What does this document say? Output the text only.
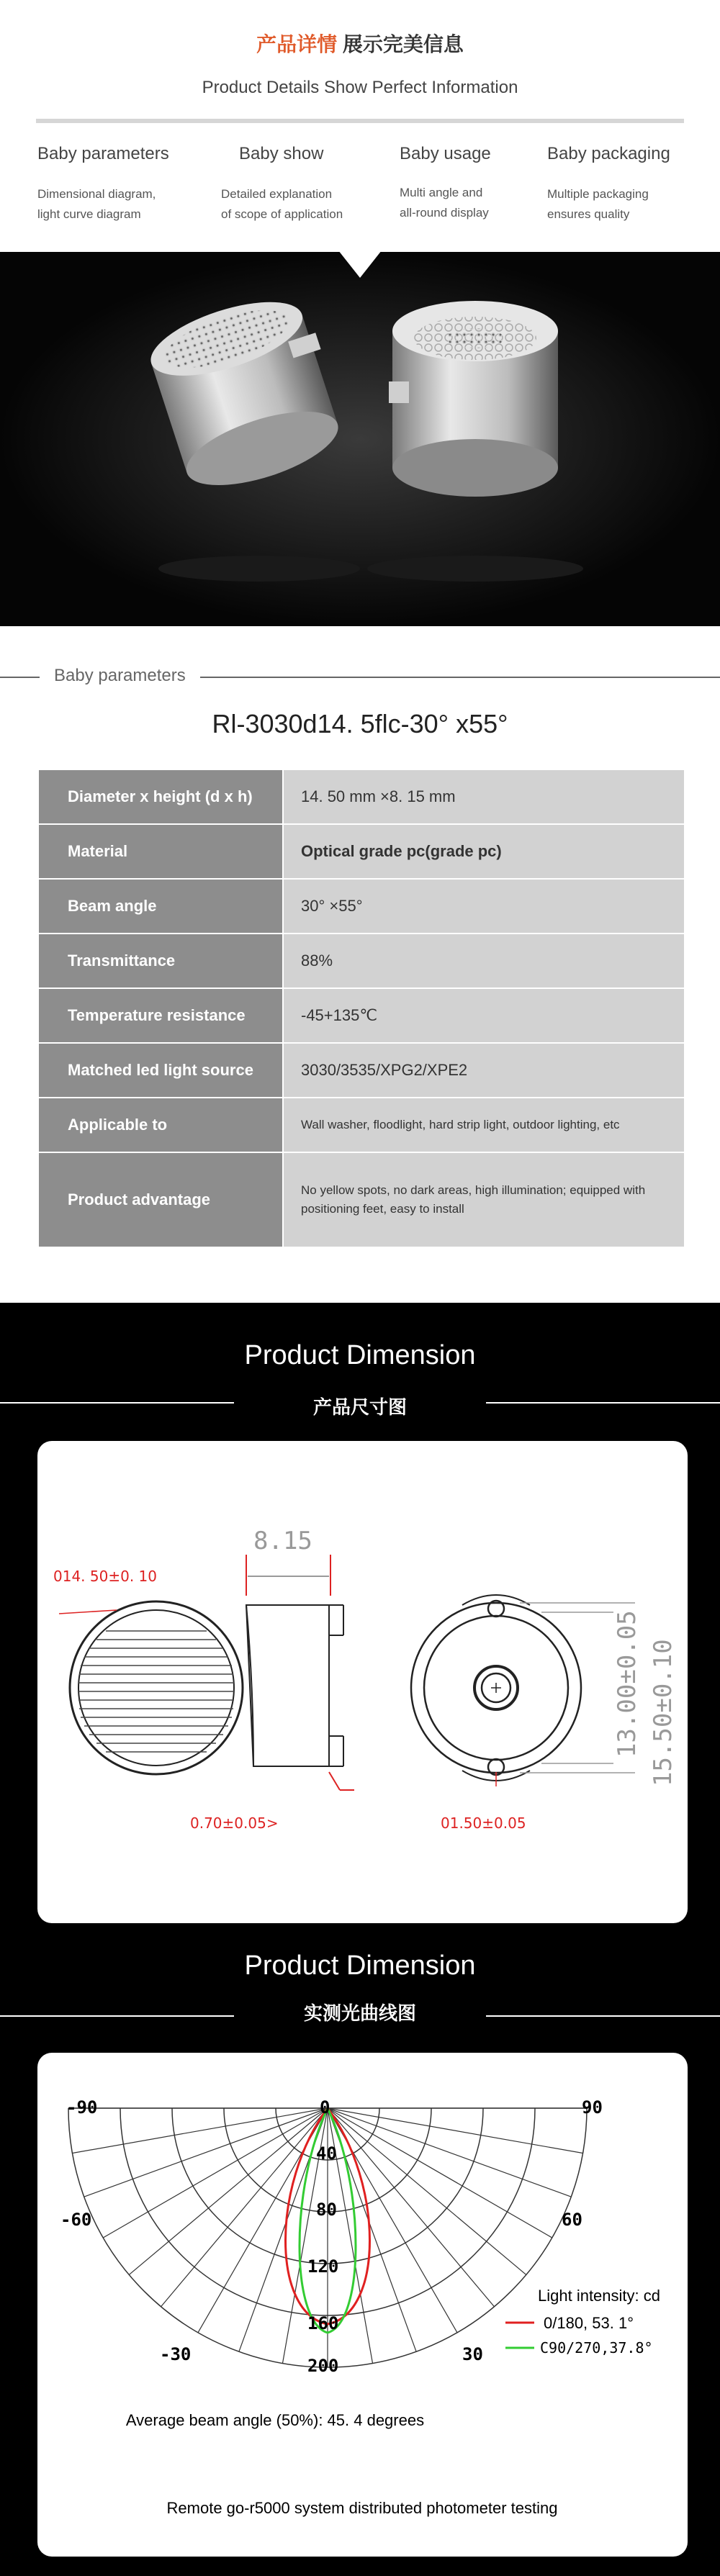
产品详情 展示完美信息
Product Details Show Perfect Information
Baby parameters
Dimensional diagram,
light curve diagram
Baby show
Detailed explanation
of scope of application
Baby usage
Multi angle and
all-round display
Baby packaging
Multiple packaging
ensures quality
Baby parameters
Rl-3030d14. 5flc-30° x55°
Diameter x height (d x h)	14. 50 mm ×8. 15 mm
Material	Optical grade pc(grade pc)
Beam angle	30° ×55°
Transmittance	88%
Temperature resistance	-45+135℃
Matched led light source	3030/3535/XPG2/XPE2
Applicable to	Wall washer, floodlight, hard strip light, outdoor lighting, etc
Product advantage	No yellow spots, no dark areas, high illumination; equipped with positioning feet, easy to install
Product Dimension
产品尺寸图
014. 50±0. 10
8.15
0.70±0.05>	01.50±0.05
13.00±0.05 15.50±0.10
Product Dimension
实测光曲线图
-90	90
-60	60
-30	30
0
40
80
120
160
200
Light intensity: cd
0/180, 53. 1°
C90/270,37.8°
Average beam angle (50%): 45. 4 degrees
Remote go-r5000 system distributed photometer testing
